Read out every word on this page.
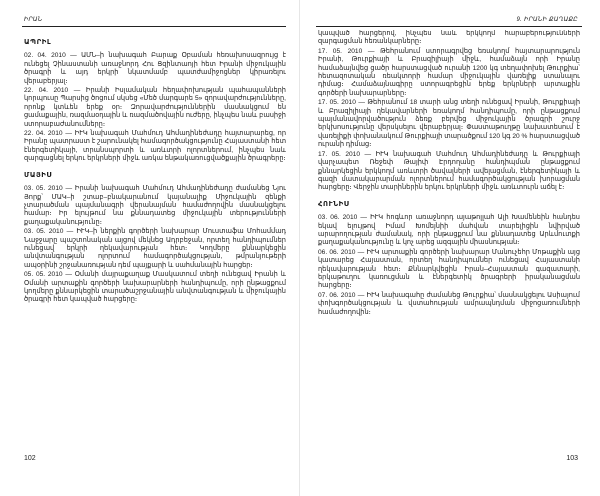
ԻՐԱՆ
ԱՊՐԻԼ

02. 04. 2010 — ԱՄՆ–ի նախագահ Բարաք Օբաման հեռախոսազրույց է ունեցել Չինաստանի առաջնորդ Հու Ցզինտաոյի հետ Իրանի միջուկային ծրագրի և այդ երկրի նկատմամբ պատժամիջոցներ կիրառելու վերաբերյալ։

22. 04. 2010 — Իրանի Իսլամական հեղափոխության պահապանների կորպուսը Պարսից ծոցում սկսեց «Մեծ մարգարե 5» զորավարժությունները, որոնք կտևեն երեք օր։ Զորավարժություններին մասնակցում են ցամաքային, ռազմաօդային և ռազմածովային ուժերը, ինչպես նաև բասիջի ստորաբաժանումները։

22. 04. 2010 — ԻՒԿ նախագահ Մահմուդ Ահմադինեժադը հայտարարեց, որ Իրանը պատրաստ է շարունակել համագործակցությունը Հայաստանի հետ էներգետիկայի, տրանսպորտի և առևտրի ոլորտներում, ինչպես նաև զարգացնել երկու երկրների միջև առկա ենթակառուցվածքային ծրագրերը։

ՄԱՅԻՍ

03. 05. 2010 — Իրանի նախագահ Մահմուդ Ահմադինեժադը ժամանեց Նյու Յորք՝ ՄԱԿ–ի շտաբ–բնակարանում կայանալիք Միջուկային զենքի չտարածման պայմանագրի վերանայման համաժողովին մասնակցելու համար։ Իր ելույթում նա քննադատեց միջուկային տերությունների քաղաքականությունը։

03. 05. 2010 — ԻՒԿ–ի ներքին գործերի նախարար Մուստաֆա Մոհամմադ Նաջջարը պաշտոնական այցով մեկնեց Ադրբեջան, որտեղ հանդիպումներ ունեցավ երկրի ղեկավարության հետ։ Կողմերը քննարկեցին անվտանգության ոլորտում համագործակցության, թմրանյութերի ապօրինի շրջանառության դեմ պայքարի և սահմանային հարցեր։

05. 05. 2010 — Օմանի մայրաքաղաք Մասկատում տեղի ունեցավ Իրանի և Օմանի արտաքին գործերի նախարարների հանդիպումը, որի ընթացքում կողմերը քննարկեցին տարածաշրջանային անվտանգության և միջուկային ծրագրի հետ կապված հարցերը։

102
9. ԻՐԱՆԻ ՔԱՂԱՔԸ

կապված հարցերով, ինչպես նաև երկկողմ հարաբերությունների զարգացման հեռանկարները։

17. 05. 2010 — Թեհրանում ստորագրվեց եռակողմ հայտարարություն Իրանի, Թուրքիայի և Բրազիլիայի միջև, համաձայն որի Իրանը համաձայնվեց ցածր հարստացված ուրանի 1200 կգ տեղափոխել Թուրքիա՝ հետազոտական ռեակտորի համար միջուկային վառելիք ստանալու դիմաց։ Համաձայնագիրը ստորագրեցին երեք երկրների արտաքին գործերի նախարարները։

17. 05. 2010 — Թեհրանում 18 տարի անց տեղի ունեցավ Իրանի, Թուրքիայի և Բրազիլիայի ղեկավարների եռակողմ հանդիպումը, որի ընթացքում պայմանավորվածություն ձեռք բերվեց միջուկային ծրագրի շուրջ երկխոսությունը վերսկսելու վերաբերյալ։ Փաստաթուղթը նախատեսում է վառելիքի փոխանակում Թուրքիայի տարածքում 120 կգ 20 % հարստացված ուրանի դիմաց։

17. 05. 2010 — ԻՒԿ նախագահ Մահմուդ Ահմադինեժադը և Թուրքիայի վարչապետ Ռեջեփ Թայիփ Էրդողանը հանդիպման ընթացքում քննարկեցին երկկողմ առևտրի ծավալների ավելացման, էներգետիկայի և գազի մատակարարման ոլորտներում համագործակցության խորացման հարցերը։ Վերջին տարիներին երկու երկրների միջև առևտուրն աճել է։

ՀՈՒՆԻՍ

03. 06. 2010 — ԻՒԿ հոգևոր առաջնորդ այաթոլլահ Ալի Խամենեին հանդես եկավ ելույթով Իմամ Խոմեյնիի մահվան տարելիցին նվիրված արարողության ժամանակ, որի ընթացքում նա քննադատեց Արևմուտքի քաղաքականությունը և կոչ արեց ազգային միասնության։

06. 06. 2010 — ԻՒԿ արտաքին գործերի նախարար Մանուչեհր Մոթաքին այց կատարեց Հայաստան, որտեղ հանդիպումներ ունեցավ Հայաստանի ղեկավարության հետ։ Քննարկվեցին Իրան–Հայաստան գազատարի, երկաթուղու կառուցման և էներգետիկ ծրագրերի իրականացման հարցերը։

07. 06. 2010 — ԻՒԿ նախագահը ժամանեց Թուրքիա՝ մասնակցելու Ասիայում փոխգործակցության և վստահության ամրապնդման միջոցառումների համաժողովին։

103
